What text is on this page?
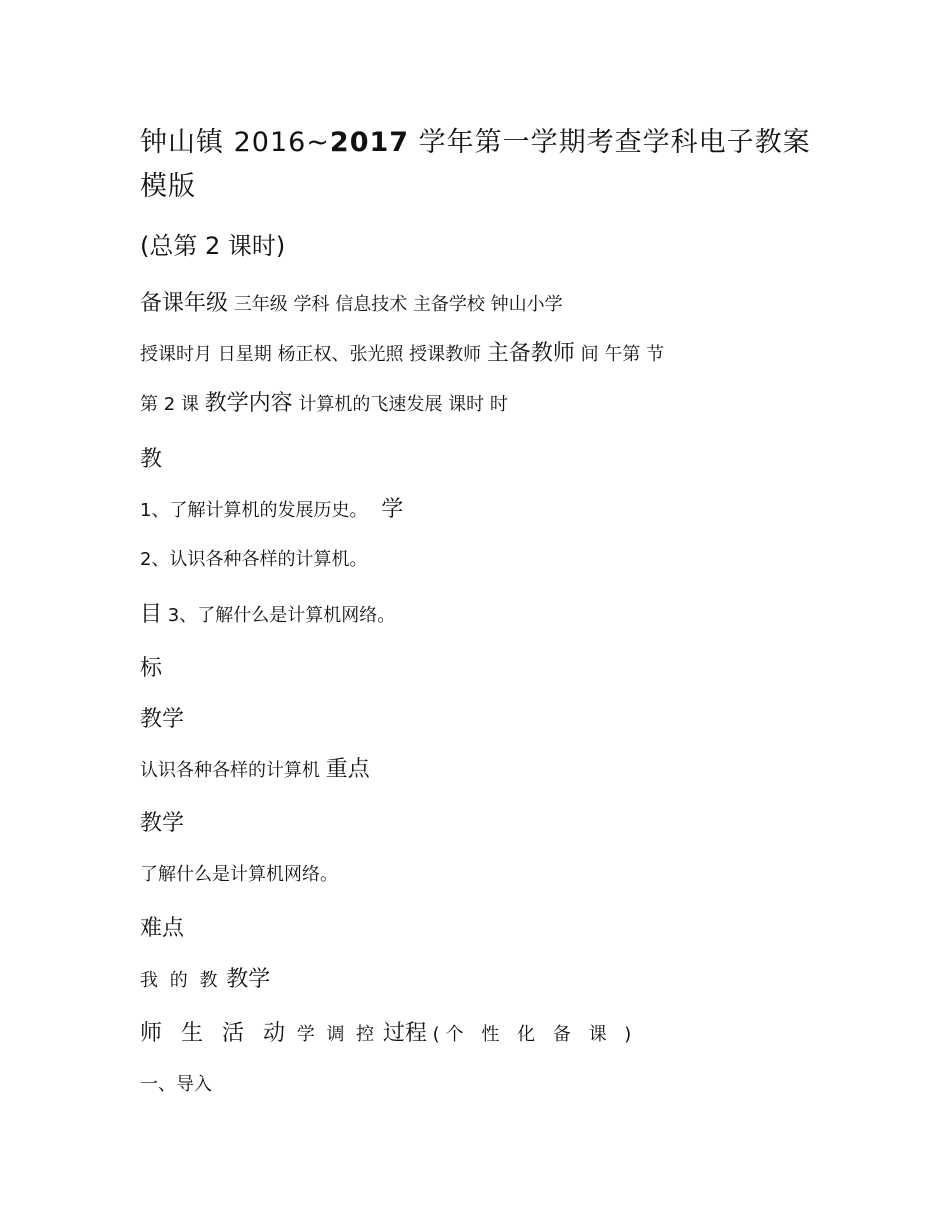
钟山镇 2016~2017 学年第一学期考查学科电子教案
模版
(总第 2 课时)
备课年级 三年级 学科 信息技术 主备学校 钟山小学
授课时月 日星期 杨正权、张光照 授课教师 主备教师 间 午第 节
第 2 课 教学内容 计算机的飞速发展 课时 时
教
1、了解计算机的发展历史。 学
2、认识各种各样的计算机。
目 3、了解什么是计算机网络。
标
教学
认识各种各样的计算机 重点
教学
了解什么是计算机网络。
难点
我 的 教 教学
师 生 活 动 学 调 控 过程 (个 性 化 备 课 )
一、导入
